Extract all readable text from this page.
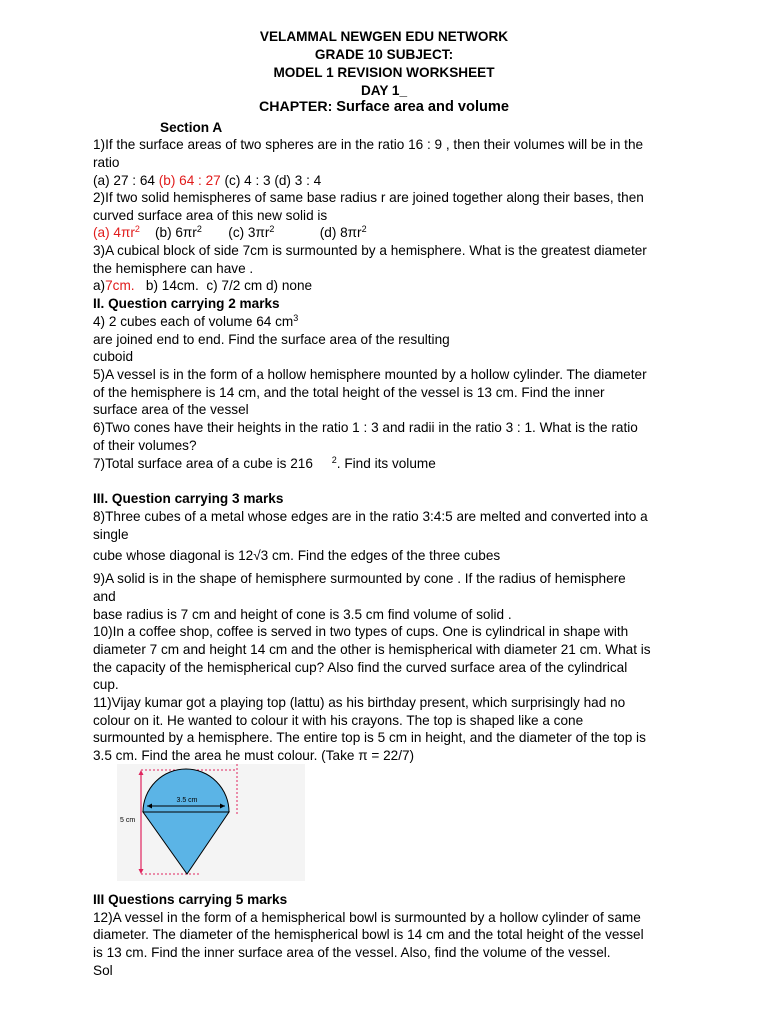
VELAMMAL NEWGEN EDU NETWORK
GRADE 10 SUBJECT:
MODEL 1 REVISION WORKSHEET
DAY 1_
CHAPTER: Surface area and volume
Section A
1)If the surface areas of two spheres are in the ratio 16 : 9 , then their volumes will be in the
ratio
(a) 27 : 64 (b) 64 : 27 (c) 4 : 3 (d) 3 : 4
2)If two solid hemispheres of same base radius r are joined together along their bases, then
curved surface area of this new solid is
(a) $4\pi r^2$    (b) $6\pi r^2$       (c) $3\pi r^2$            (d) $8\pi r^2$
3)A cubical block of side 7cm is surmounted by a hemisphere. What is the greatest diameter
the hemisphere can have .
a)7cm.   b) 14cm.  c) 7/2 cm d) none
II. Question carrying 2 marks
4) 2 cubes each of volume 64 $cm^3$
are joined end to end. Find the surface area of the resulting
cuboid
5)A vessel is in the form of a hollow hemisphere mounted by a hollow cylinder. The diameter
of the hemisphere is 14 cm, and the total height of the vessel is 13 cm. Find the inner
surface area of the vessel
6)Two cones have their heights in the ratio 1 : 3 and radii in the ratio 3 : 1. What is the ratio
of their volumes?
7)Total surface area of a cube is 216     $^2$. Find its volume
III. Question carrying 3 marks
8)Three cubes of a metal whose edges are in the ratio 3:4:5 are melted and converted into a
single
cube whose diagonal is 12√3 cm. Find the edges of the three cubes
9)A solid is in the shape of hemisphere surmounted by cone . If the radius of hemisphere
and
base radius is 7 cm and height of cone is 3.5 cm find volume of solid .
10)In a coffee shop, coffee is served in two types of cups. One is cylindrical in shape with
diameter 7 cm and height 14 cm and the other is hemispherical with diameter 21 cm. What is
the capacity of the hemispherical cup? Also find the curved surface area of the cylindrical
cup.
11)Vijay kumar got a playing top (lattu) as his birthday present, which surprisingly had no
colour on it. He wanted to colour it with his crayons. The top is shaped like a cone
surmounted by a hemisphere. The entire top is 5 cm in height, and the diameter of the top is
3.5 cm. Find the area he must colour. (Take π = 22/7)
3.5 cm
5 cm
III Questions carrying 5 marks
12)A vessel in the form of a hemispherical bowl is surmounted by a hollow cylinder of same
diameter. The diameter of the hemispherical bowl is 14 cm and the total height of the vessel
is 13 cm. Find the inner surface area of the vessel. Also, find the volume of the vessel.
Sol
